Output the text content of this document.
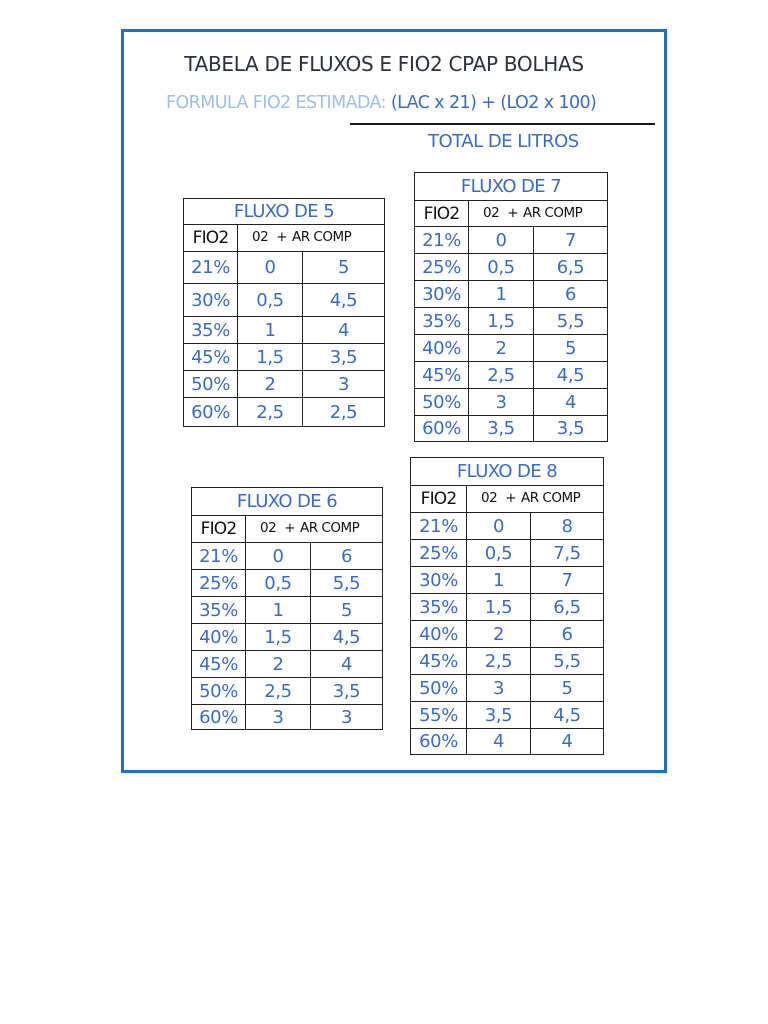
TABELA DE FLUXOS E FIO2 CPAP BOLHAS
FORMULA FIO2 ESTIMADA: (LAC x 21) + (LO2 x 100)
TOTAL DE LITROS
FLUXO DE 5		
FIO2	02 + AR COMP	
21%	0	5
30%	0,5	4,5
35%	1	4
45%	1,5	3,5
50%	2	3
60%	2,5	2,5
FLUXO DE 7		
FIO2	02 + AR COMP	
21%	0	7
25%	0,5	6,5
30%	1	6
35%	1,5	5,5
40%	2	5
45%	2,5	4,5
50%	3	4
60%	3,5	3,5
FLUXO DE 6		
FIO2	02 + AR COMP	
21%	0	6
25%	0,5	5,5
35%	1	5
40%	1,5	4,5
45%	2	4
50%	2,5	3,5
60%	3	3
FLUXO DE 8		
FIO2	02 + AR COMP	
21%	0	8
25%	0,5	7,5
30%	1	7
35%	1,5	6,5
40%	2	6
45%	2,5	5,5
50%	3	5
55%	3,5	4,5
60%	4	4
